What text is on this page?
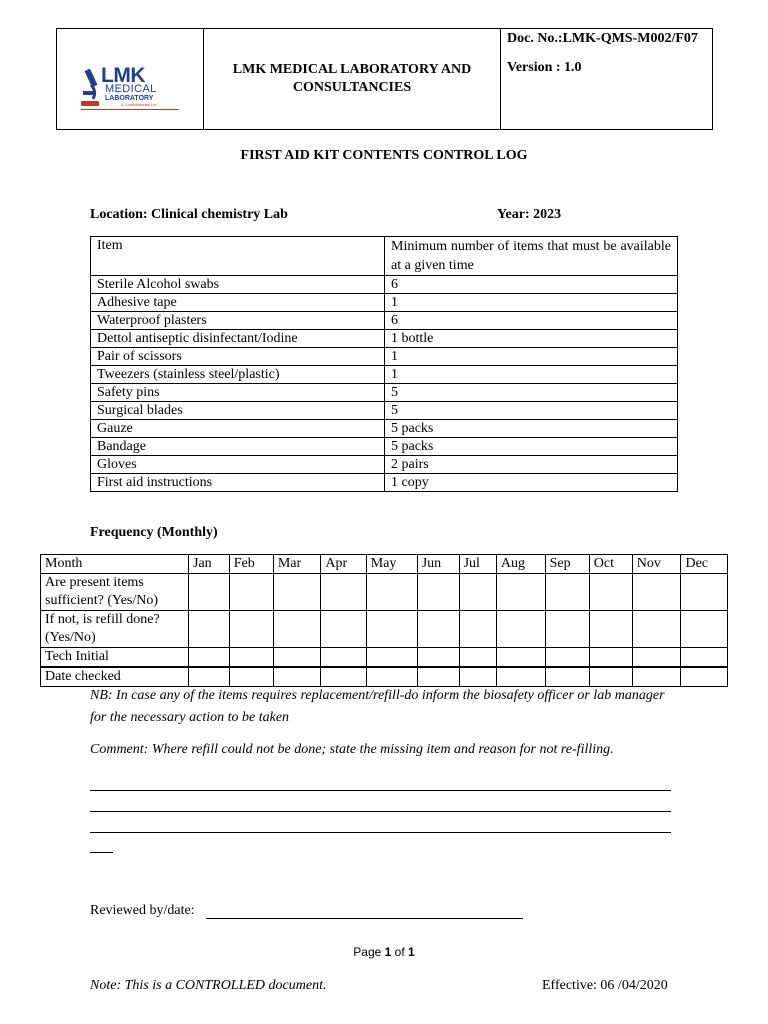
LMK
MEDICAL
LABORATORY
& Consultancies Ltd
	LMK MEDICAL LABORATORY AND CONSULTANCIES	
Doc. No.:LMK-QMS-M002/F07
Version : 1.0
FIRST AID KIT CONTENTS CONTROL LOG
Location: Clinical chemistry Lab	Year: 2023
Item	Minimum number of items that must be available at a given time
Sterile Alcohol swabs	6
Adhesive tape	1
Waterproof plasters	6
Dettol antiseptic disinfectant/Iodine	1 bottle
Pair of scissors	1
Tweezers (stainless steel/plastic)	1
Safety pins	5
Surgical blades	5
Gauze	5 packs
Bandage	5 packs
Gloves	2 pairs
First aid instructions	1 copy
Frequency (Monthly)
Month	Jan	Feb	Mar	Apr	May	Jun	Jul	Aug	Sep	Oct	Nov	Dec
Are present items sufficient? (Yes/No)												
If not, is refill done? (Yes/No)												
Tech Initial												
Date checked												
NB: In case any of the items requires replacement/refill-do inform the biosafety officer or lab manager for the necessary action to be taken
Comment: Where refill could not be done; state the missing item and reason for not re-filling.
Reviewed by/date:
Page 1 of 1
Note: This is a CONTROLLED document.	Effective: 06 /04/2020
